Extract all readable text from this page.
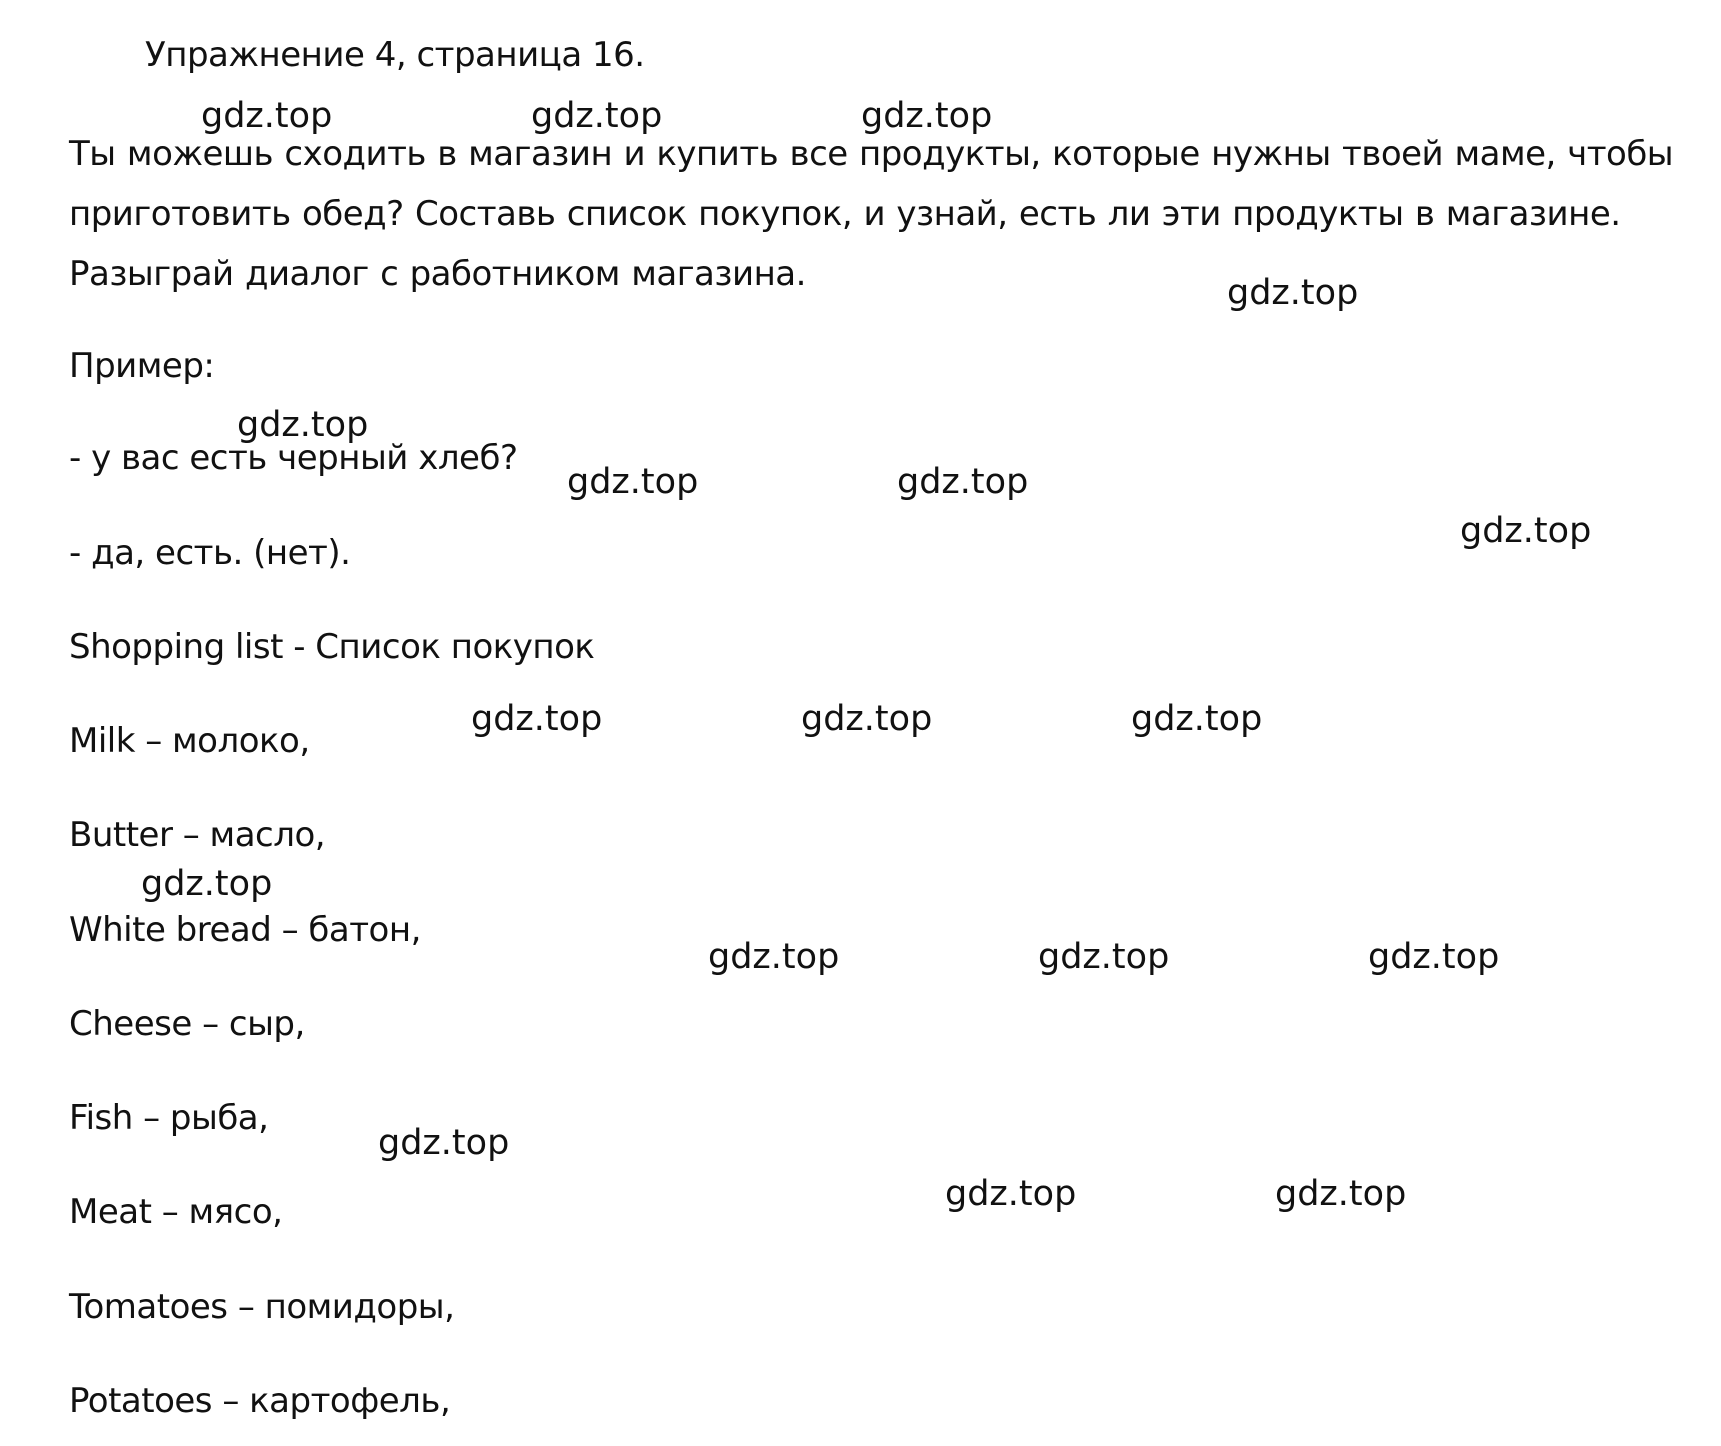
Упражнение 4, страница 16.
Ты можешь сходить в магазин и купить все продукты, которые нужны твоей маме, чтобы приготовить обед? Составь список покупок, и узнай, есть ли эти продукты в магазине. Разыграй диалог с работником магазина.
Пример:
- у вас есть черный хлеб?
- да, есть. (нет).
Shopping list - Список покупок
Milk – молоко,
Butter – масло,
White bread – батон,
Cheese – сыр,
Fish – рыба,
Meat – мясо,
Tomatoes – помидоры,
Potatoes – картофель,
gdz.top	gdz.top	gdz.top
gdz.top
gdz.top
gdz.top	gdz.top
gdz.top
gdz.top	gdz.top	gdz.top
gdz.top
gdz.top	gdz.top	gdz.top
gdz.top
gdz.top	gdz.top
